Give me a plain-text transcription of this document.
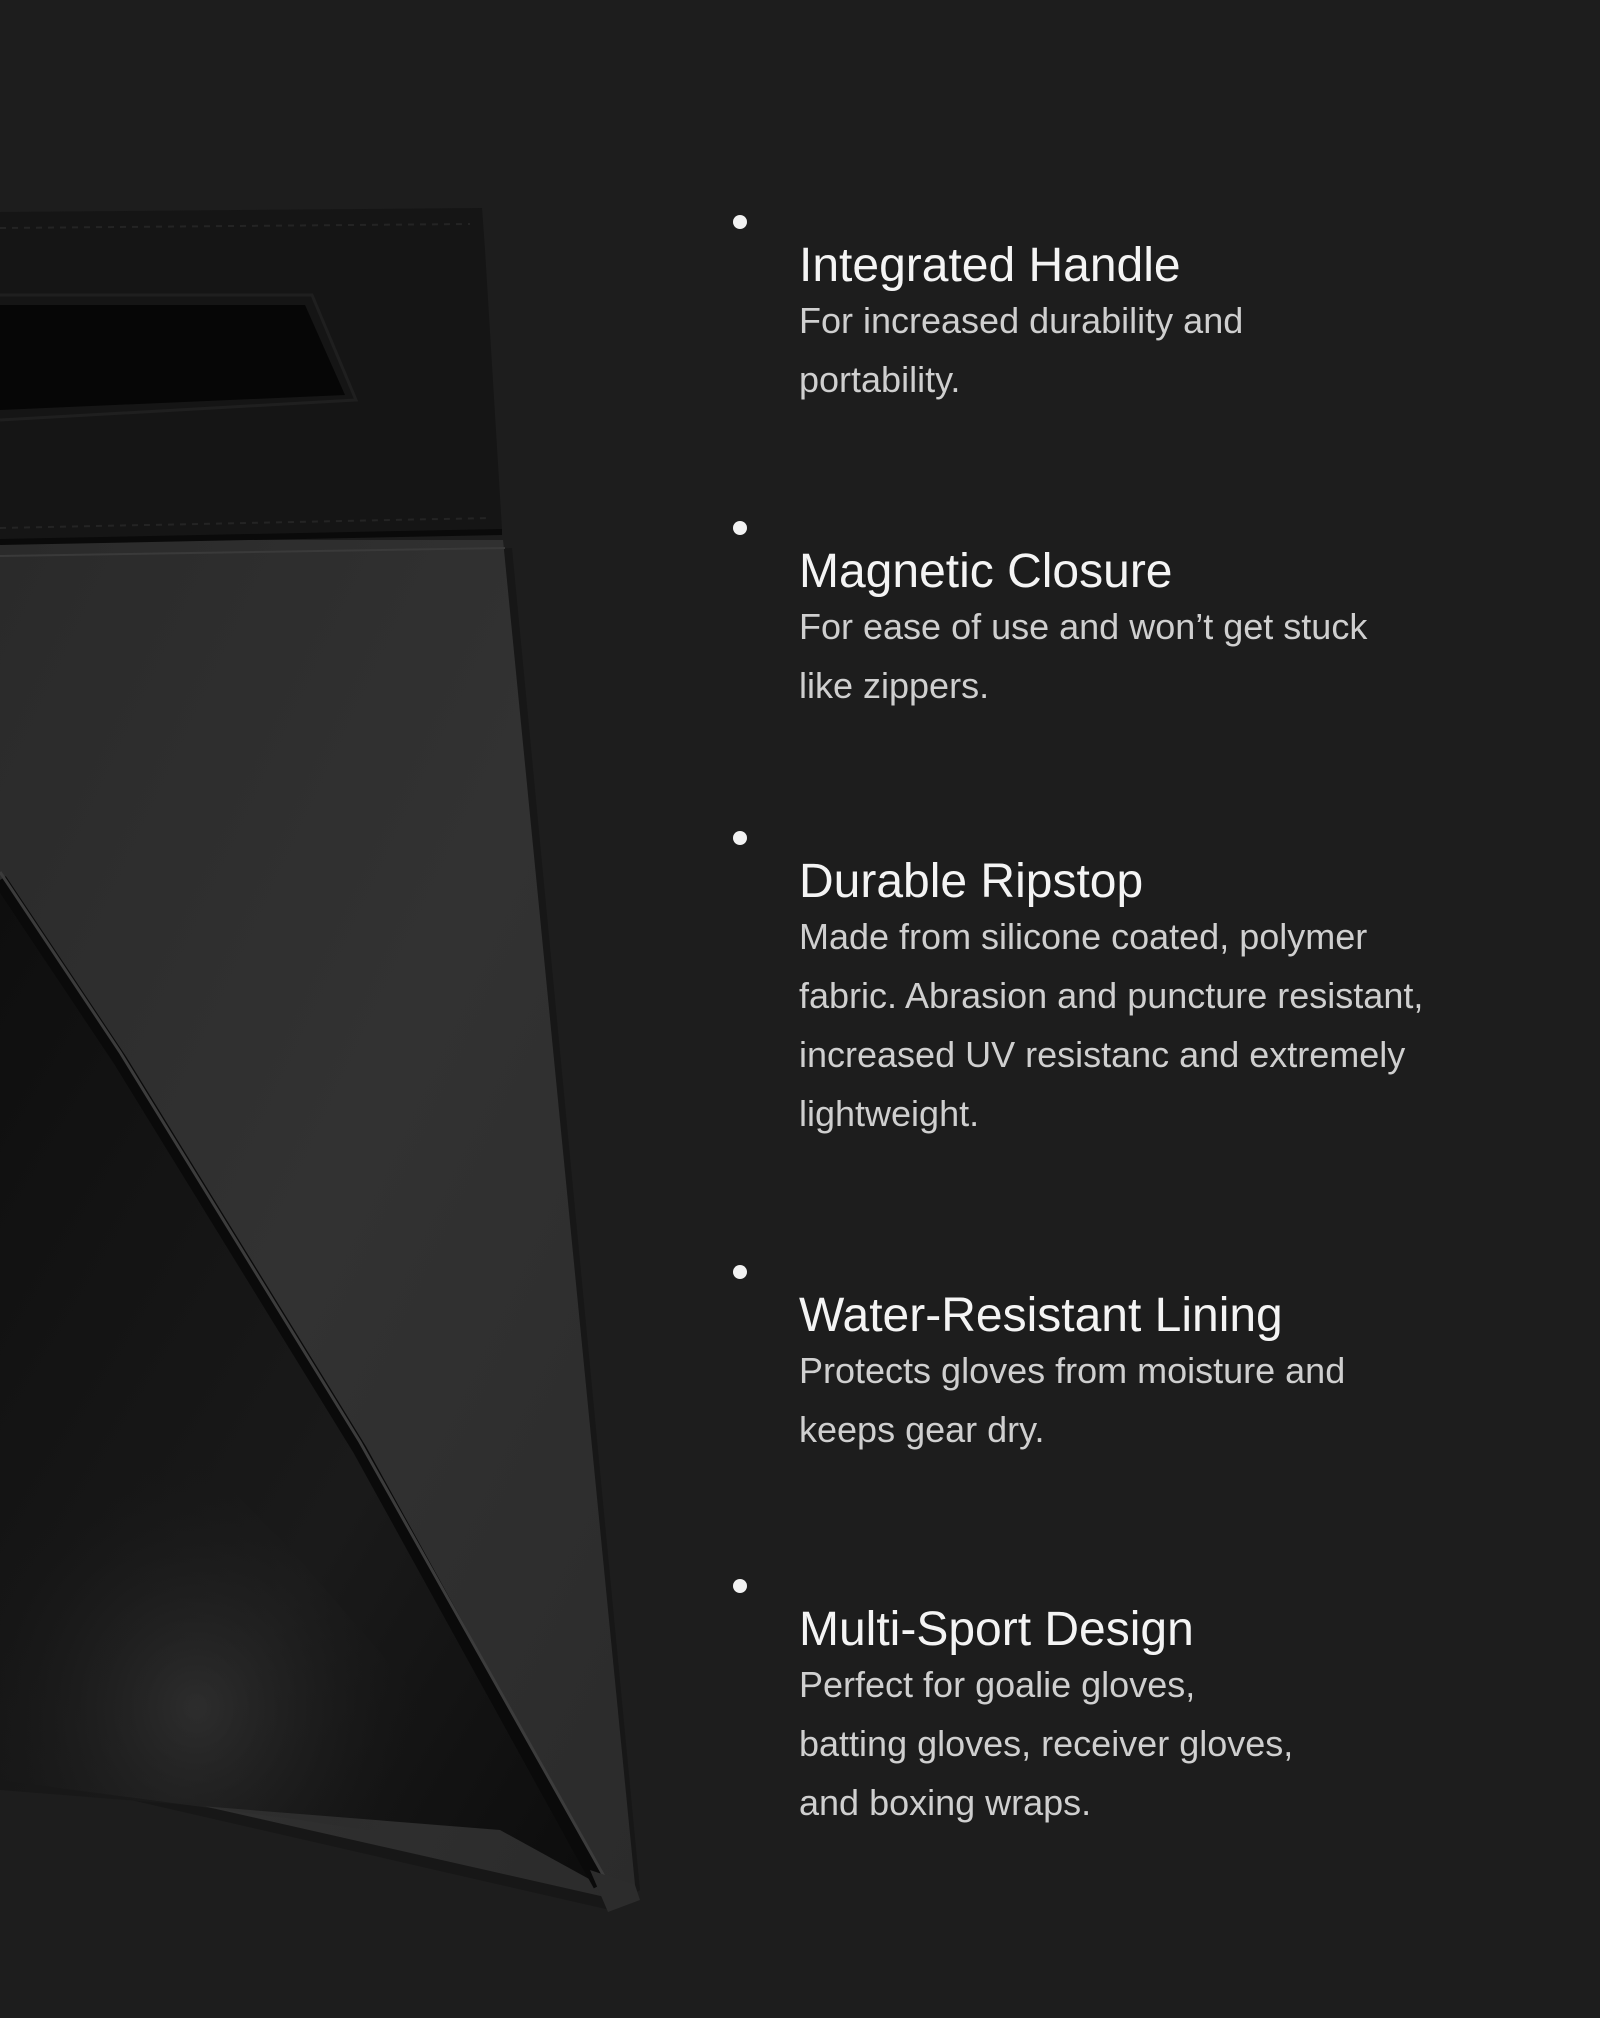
Integrated Handle
For increased durability and
portability.
Magnetic Closure
For ease of use and won’t get stuck
like zippers.
Durable Ripstop
Made from silicone coated, polymer
fabric. Abrasion and puncture resistant,
increased UV resistanc and extremely
lightweight.
Water-Resistant Lining
Protects gloves from moisture and
keeps gear dry.
Multi-Sport Design
Perfect for goalie gloves,
batting gloves, receiver gloves,
and boxing wraps.
